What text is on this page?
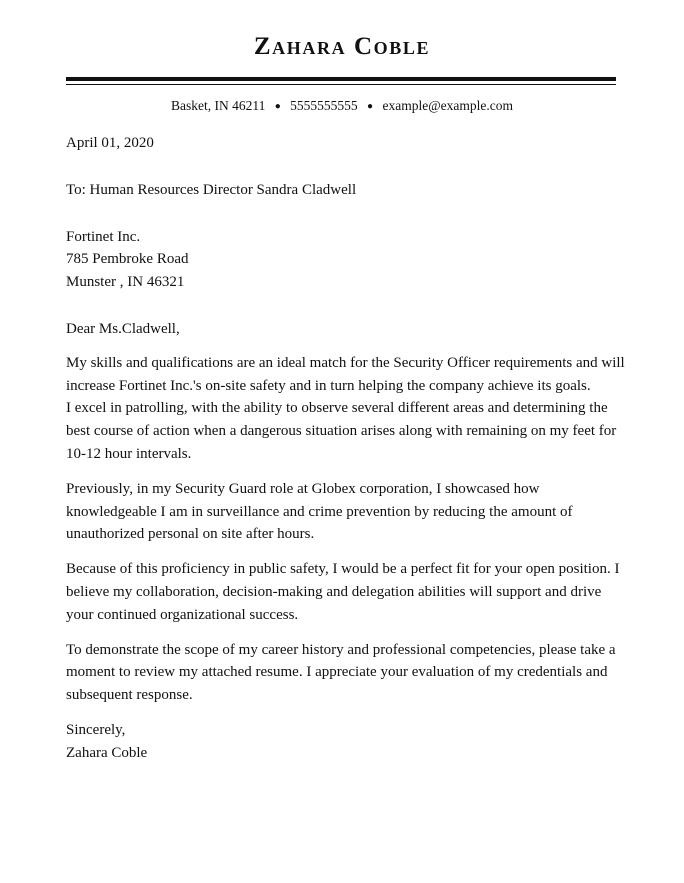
Zahara Coble
Basket, IN 46211 ● 5555555555 ● example@example.com

April 01, 2020

To: Human Resources Director Sandra Cladwell

Fortinet Inc.

785 Pembroke Road

Munster , IN 46321

Dear Ms.Cladwell,

My skills and qualifications are an ideal match for the Security Officer requirements and will increase Fortinet Inc.'s on-site safety and in turn helping the company achieve its goals.

I excel in patrolling, with the ability to observe several different areas and determining the best course of action when a dangerous situation arises along with remaining on my feet for 10-12 hour intervals.

Previously, in my Security Guard role at Globex corporation, I showcased how knowledgeable I am in surveillance and crime prevention by reducing the amount of unauthorized personal on site after hours.

Because of this proficiency in public safety, I would be a perfect fit for your open position. I believe my collaboration, decision-making and delegation abilities will support and drive your continued organizational success.

To demonstrate the scope of my career history and professional competencies, please take a moment to review my attached resume. I appreciate your evaluation of my credentials and subsequent response.

Sincerely,

Zahara Coble
